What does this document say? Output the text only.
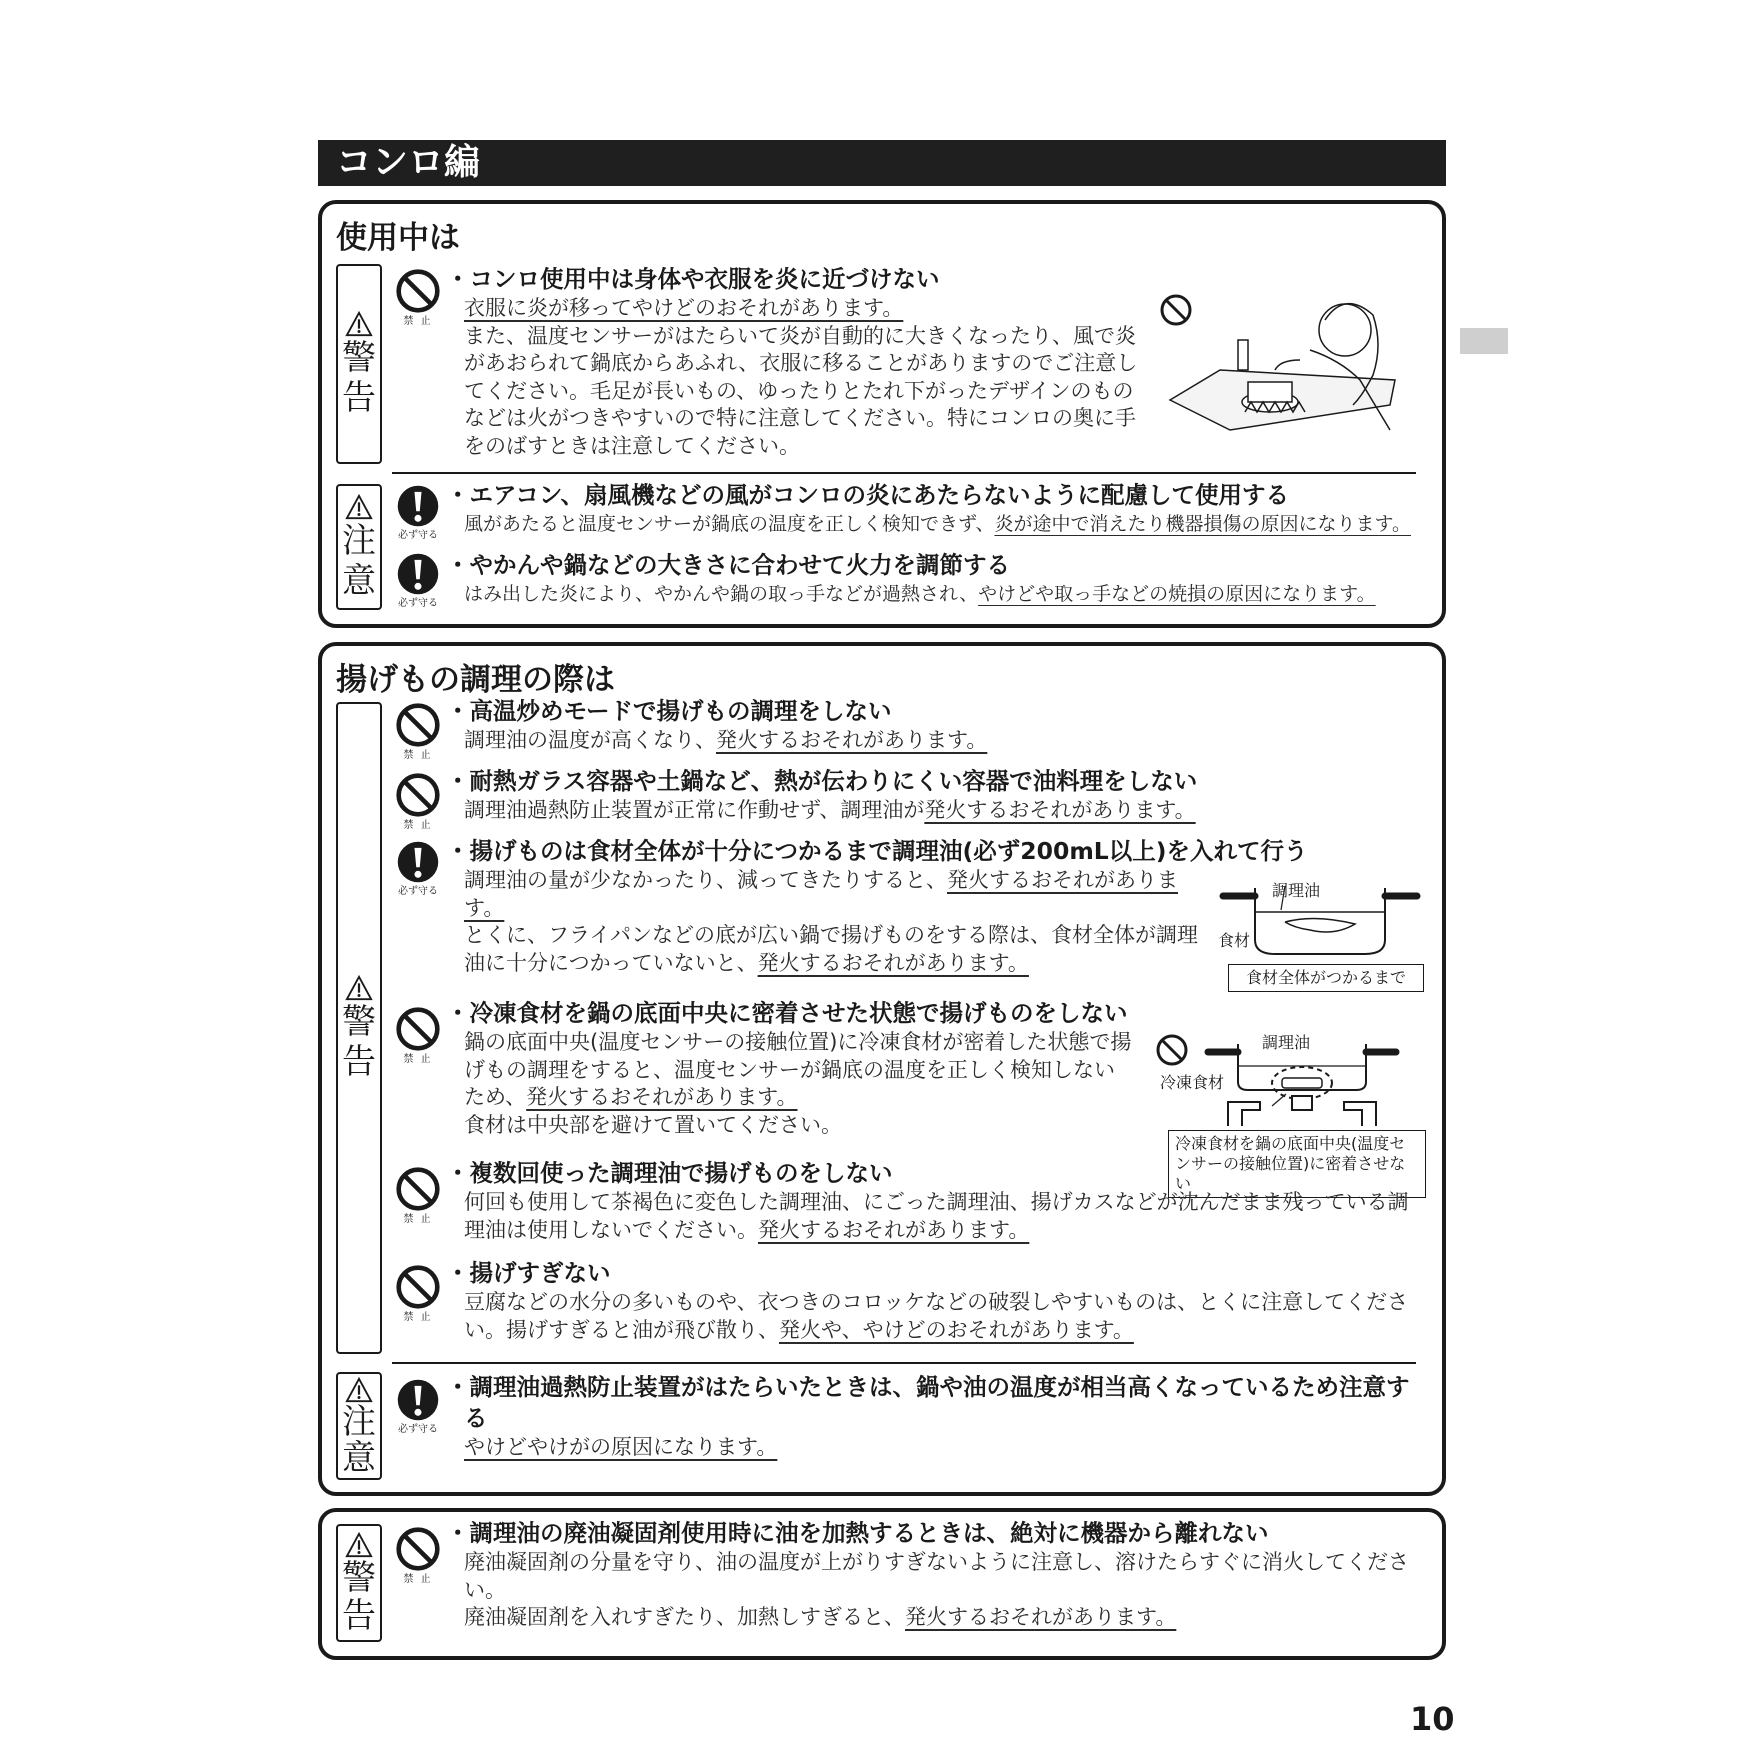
コンロ編
使用中は
警
告
禁 止
・ コンロ使用中は身体や衣服を炎に近づけない
衣服に炎が移ってやけどのおそれがあります。
また、温度センサーがはたらいて炎が自動的に大きくなったり、風で炎があおられて鍋底からあふれ、衣服に移ることがありますのでご注意してください。毛足が長いもの、ゆったりとたれ下がったデザインのものなどは火がつきやすいので特に注意してください。特にコンロの奥に手をのばすときは注意してください。
注
意
必ず守る
・ エアコン、扇風機などの風がコンロの炎にあたらないように配慮して使用する
風があたると温度センサーが鍋底の温度を正しく検知できず、炎が途中で消えたり機器損傷の原因になります。
必ず守る
・ やかんや鍋などの大きさに合わせて火力を調節する
はみ出した炎により、やかんや鍋の取っ手などが過熱され、やけどや取っ手などの焼損の原因になります。
揚げもの調理の際は
警
告
禁 止
・ 高温炒めモードで揚げもの調理をしない
調理油の温度が高くなり、発火するおそれがあります。
禁 止
・ 耐熱ガラス容器や土鍋など、熱が伝わりにくい容器で油料理をしない
調理油過熱防止装置が正常に作動せず、調理油が発火するおそれがあります。
必ず守る
・ 揚げものは食材全体が十分につかるまで調理油(必ず200mL以上)を入れて行う
調理油の量が少なかったり、減ってきたりすると、発火するおそれがあります。
とくに、フライパンなどの底が広い鍋で揚げものをする際は、食材全体が調理油に十分につかっていないと、発火するおそれがあります。
調理油
食材
食材全体がつかるまで
禁 止
・ 冷凍食材を鍋の底面中央に密着させた状態で揚げものをしない
鍋の底面中央(温度センサーの接触位置)に冷凍食材が密着した状態で揚げもの調理をすると、温度センサーが鍋底の温度を正しく検知しないため、発火するおそれがあります。
食材は中央部を避けて置いてください。
調理油
冷凍食材
冷凍食材を鍋の底面中央(温度センサーの接触位置)に密着させない
禁 止
・ 複数回使った調理油で揚げものをしない
何回も使用して茶褐色に変色した調理油、にごった調理油、揚げカスなどが沈んだまま残っている調理油は使用しないでください。発火するおそれがあります。
禁 止
・ 揚げすぎない
豆腐などの水分の多いものや、衣つきのコロッケなどの破裂しやすいものは、とくに注意してください。揚げすぎると油が飛び散り、発火や、やけどのおそれがあります。
注
意
必ず守る
・ 調理油過熱防止装置がはたらいたときは、鍋や油の温度が相当高くなっているため注意する
やけどやけがの原因になります。
警
告
禁 止
・ 調理油の廃油凝固剤使用時に油を加熱するときは、絶対に機器から離れない
廃油凝固剤の分量を守り、油の温度が上がりすぎないように注意し、溶けたらすぐに消火してください。
廃油凝固剤を入れすぎたり、加熱しすぎると、発火するおそれがあります。
10
